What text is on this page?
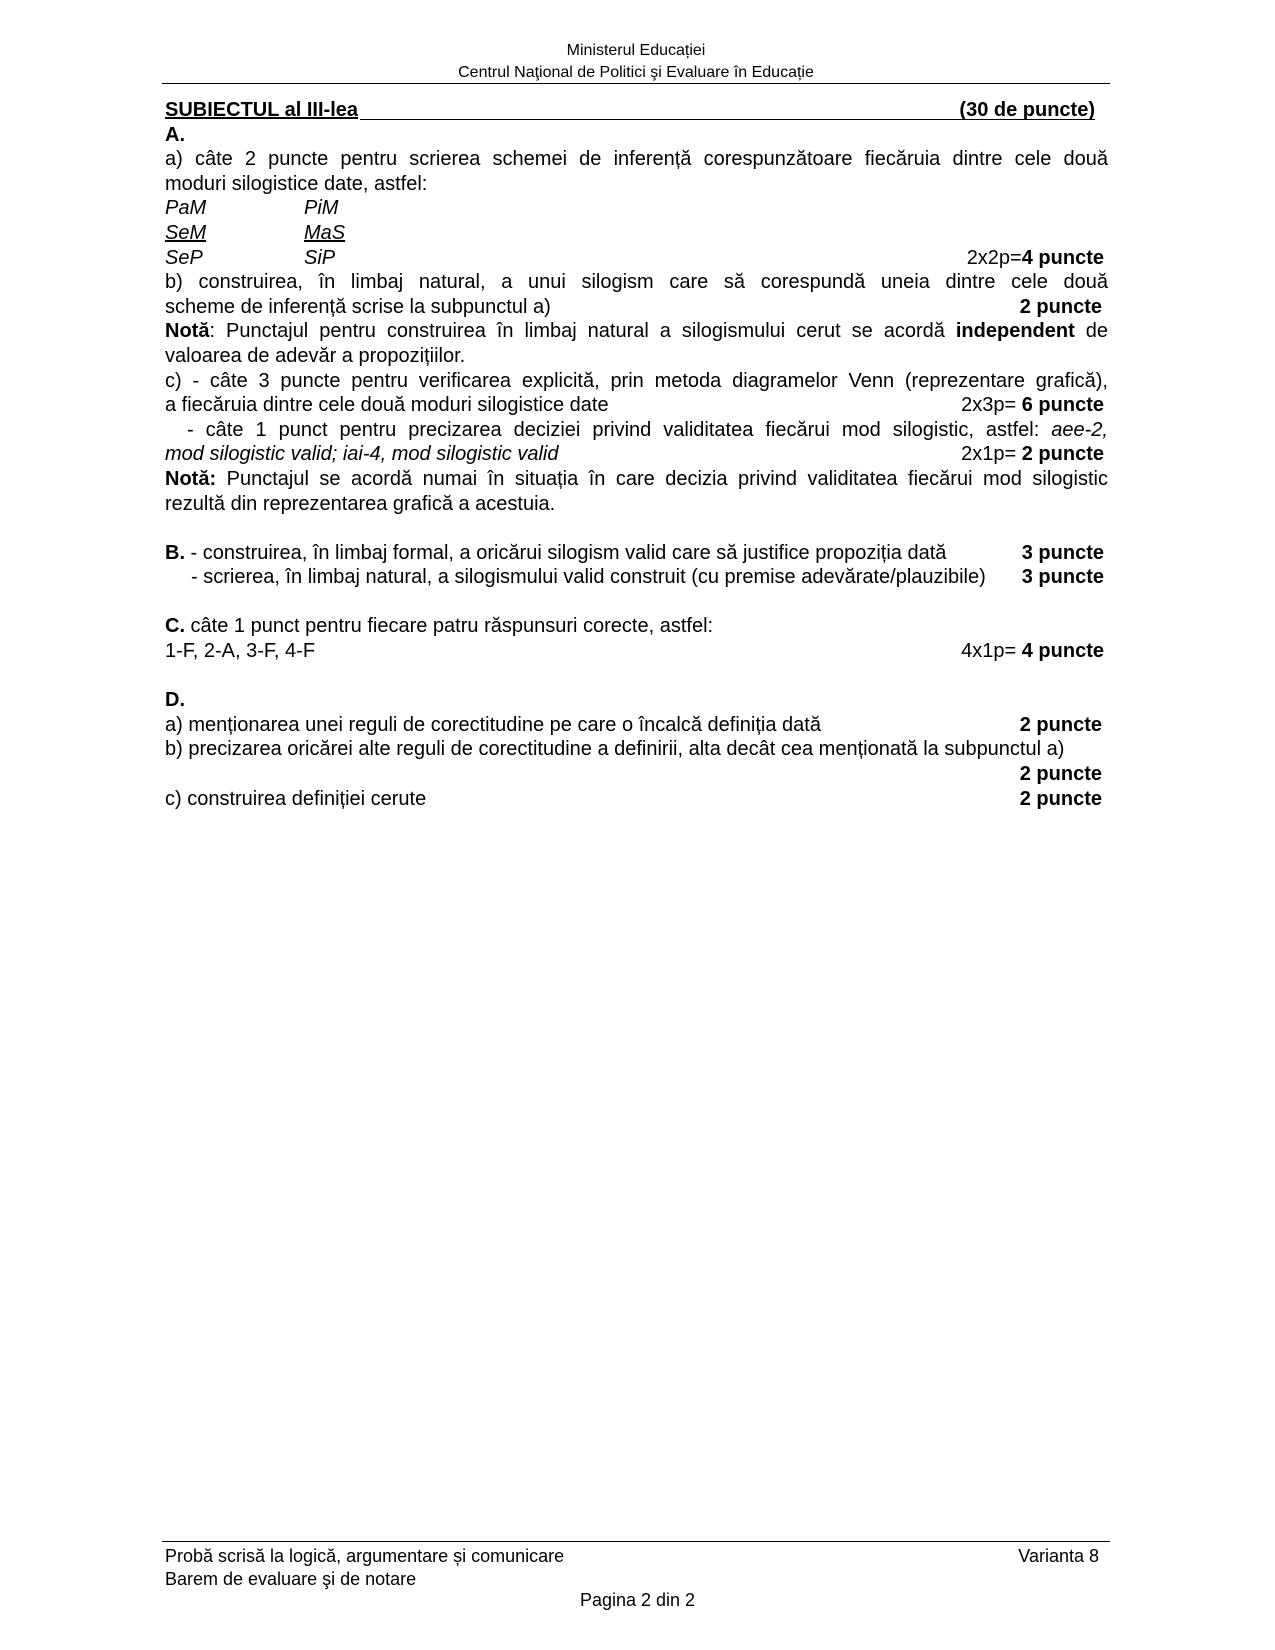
Ministerul Educației
Centrul Naţional de Politici şi Evaluare în Educație
SUBIECTUL al III-lea	(30 de puncte)
A.
a) câte 2 puncte pentru scrierea schemei de inferență corespunzătoare fiecăruia dintre cele două
moduri silogistice date, astfel:
PaM	PiM
SeM	MaS
SeP	SiP	2x2p=4 puncte
b) construirea, în limbaj natural, a unui silogism care să corespundă uneia dintre cele două
scheme de inferență scrise la subpunctul a)	2 puncte
Notă: Punctajul pentru construirea în limbaj natural a silogismului cerut se acordă independent de
valoarea de adevăr a propozițiilor.
c) - câte 3 puncte pentru verificarea explicită, prin metoda diagramelor Venn (reprezentare grafică),
a fiecăruia dintre cele două moduri silogistice date	2x3p= 6 puncte
- câte 1 punct pentru precizarea deciziei privind validitatea fiecărui mod silogistic, astfel: aee-2,
mod silogistic valid; iai-4, mod silogistic valid	2x1p= 2 puncte
Notă: Punctajul se acordă numai în situația în care decizia privind validitatea fiecărui mod silogistic
rezultă din reprezentarea grafică a acestuia.
B. - construirea, în limbaj formal, a oricărui silogism valid care să justifice propoziția dată	3 puncte
- scrierea, în limbaj natural, a silogismului valid construit (cu premise adevărate/plauzibile) 3 puncte
C. câte 1 punct pentru fiecare patru răspunsuri corecte, astfel:
1-F, 2-A, 3-F, 4-F	4x1p= 4 puncte
D.
a) menționarea unei reguli de corectitudine pe care o încalcă definiția dată	2 puncte
b) precizarea oricărei alte reguli de corectitudine a definirii, alta decât cea menționată la subpunctul a)
2 puncte
c) construirea definiției cerute	2 puncte
Probă scrisă la logică, argumentare și comunicare	Varianta 8
Barem de evaluare şi de notare
Pagina 2 din 2
